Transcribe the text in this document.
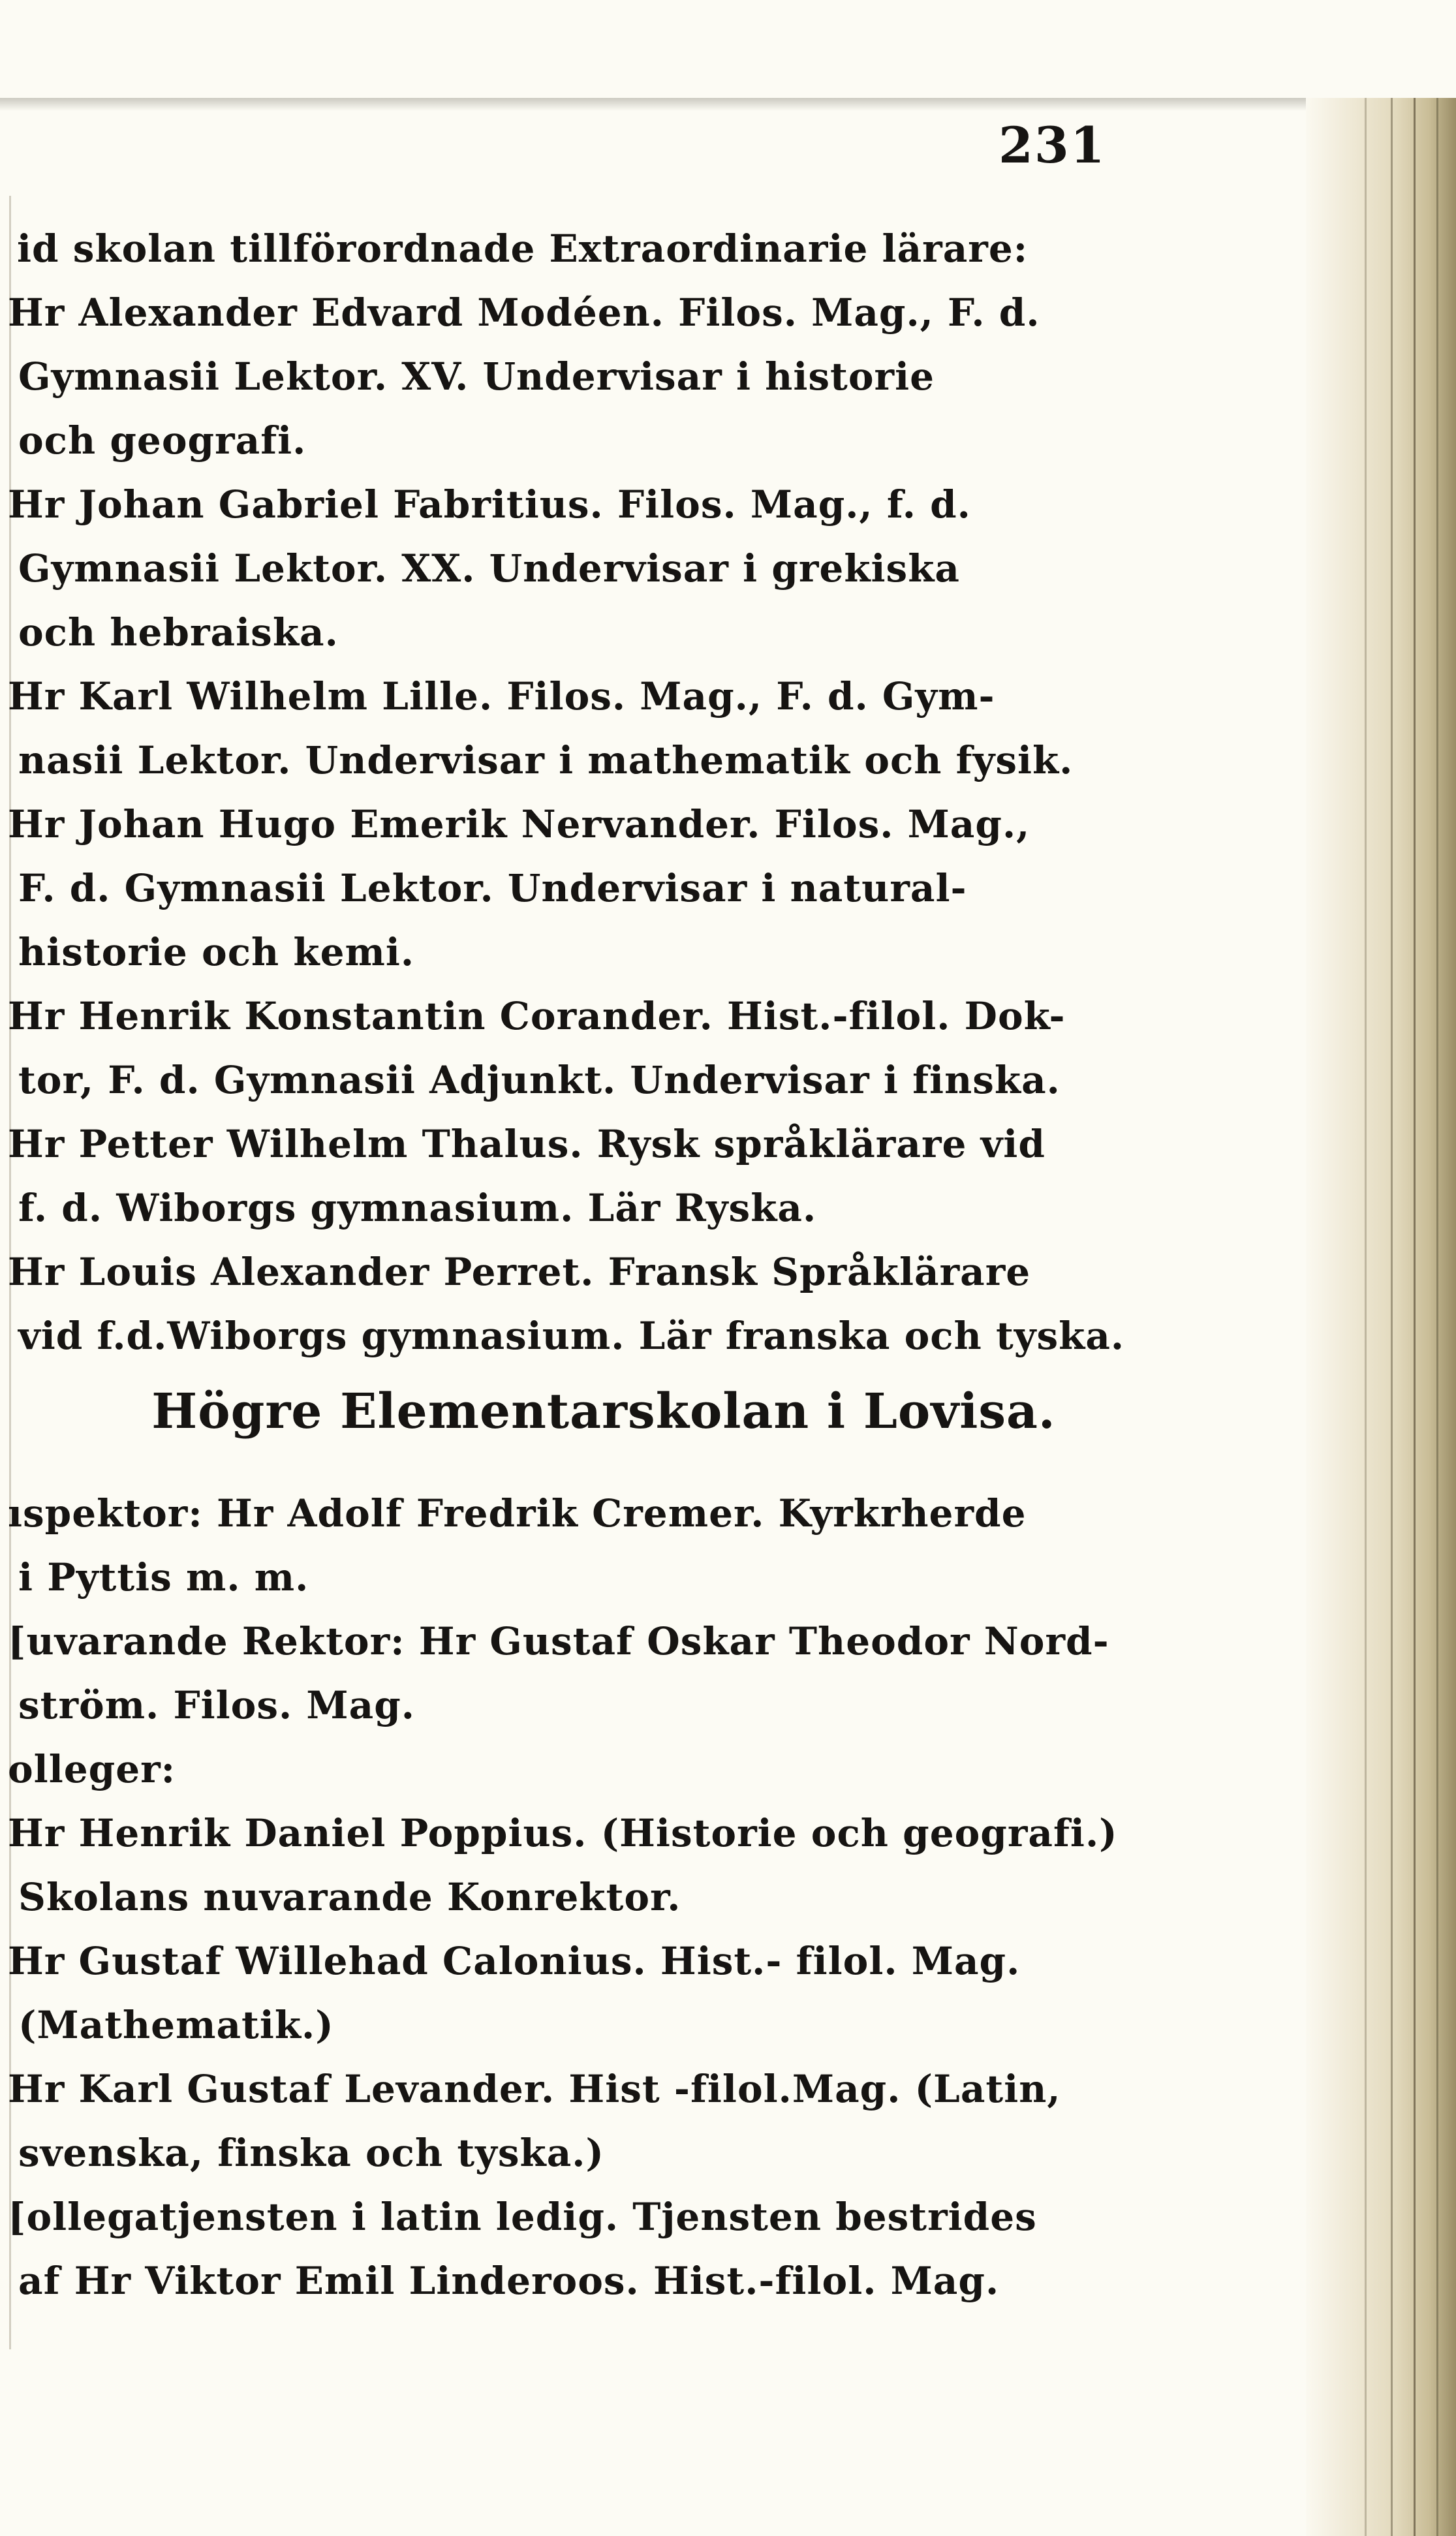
231
id skolan tillförordnade Extraordinarie lärare:
Hr Alexander Edvard Modéen. Filos. Mag., F. d.
Gymnasii Lektor. XV. Undervisar i historie
och geografi.
Hr Johan Gabriel Fabritius. Filos. Mag., f. d.
Gymnasii Lektor. XX. Undervisar i grekiska
och hebraiska.
Hr Karl Wilhelm Lille. Filos. Mag., F. d. Gym-
nasii Lektor. Undervisar i mathematik och fysik.
Hr Johan Hugo Emerik Nervander. Filos. Mag.,
F. d. Gymnasii Lektor. Undervisar i natural-
historie och kemi.
Hr Henrik Konstantin Corander. Hist.-filol. Dok-
tor, F. d. Gymnasii Adjunkt. Undervisar i finska.
Hr Petter Wilhelm Thalus. Rysk språklärare vid
f. d. Wiborgs gymnasium. Lär Ryska.
Hr Louis Alexander Perret. Fransk Språklärare
vid f.d.Wiborgs gymnasium. Lär franska och tyska.
Högre Elementarskolan i Lovisa.
ıspektor: Hr Adolf Fredrik Cremer. Kyrkrherde
i Pyttis m. m.
[uvarande Rektor: Hr Gustaf Oskar Theodor Nord-
ström. Filos. Mag.
olleger:
Hr Henrik Daniel Poppius. (Historie och geografi.)
Skolans nuvarande Konrektor.
Hr Gustaf Willehad Calonius. Hist.- filol. Mag.
(Mathematik.)
Hr Karl Gustaf Levander. Hist -filol.Mag. (Latin,
svenska, finska och tyska.)
[ollegatjensten i latin ledig. Tjensten bestrides
af Hr Viktor Emil Linderoos. Hist.-filol. Mag.
